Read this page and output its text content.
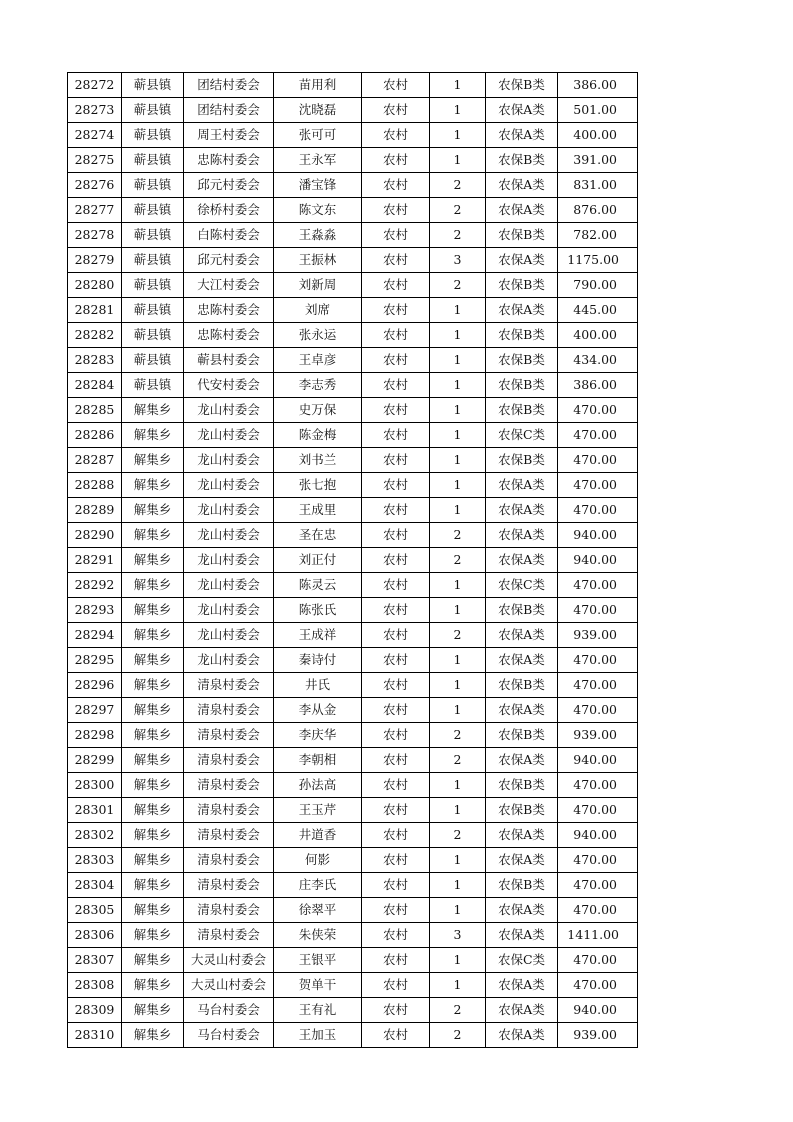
28272	蕲县镇	团结村委会	苗用利	农村	1	农保B类	386.00
28273	蕲县镇	团结村委会	沈晓磊	农村	1	农保A类	501.00
28274	蕲县镇	周王村委会	张可可	农村	1	农保A类	400.00
28275	蕲县镇	忠陈村委会	王永军	农村	1	农保B类	391.00
28276	蕲县镇	邱元村委会	潘宝锋	农村	2	农保A类	831.00
28277	蕲县镇	徐桥村委会	陈文东	农村	2	农保A类	876.00
28278	蕲县镇	白陈村委会	王淼淼	农村	2	农保B类	782.00
28279	蕲县镇	邱元村委会	王振林	农村	3	农保A类	1175.00
28280	蕲县镇	大江村委会	刘新周	农村	2	农保B类	790.00
28281	蕲县镇	忠陈村委会	刘席	农村	1	农保A类	445.00
28282	蕲县镇	忠陈村委会	张永运	农村	1	农保B类	400.00
28283	蕲县镇	蕲县村委会	王卓彦	农村	1	农保B类	434.00
28284	蕲县镇	代安村委会	李志秀	农村	1	农保B类	386.00
28285	解集乡	龙山村委会	史万保	农村	1	农保B类	470.00
28286	解集乡	龙山村委会	陈金梅	农村	1	农保C类	470.00
28287	解集乡	龙山村委会	刘书兰	农村	1	农保B类	470.00
28288	解集乡	龙山村委会	张七抱	农村	1	农保A类	470.00
28289	解集乡	龙山村委会	王成里	农村	1	农保A类	470.00
28290	解集乡	龙山村委会	圣在忠	农村	2	农保A类	940.00
28291	解集乡	龙山村委会	刘正付	农村	2	农保A类	940.00
28292	解集乡	龙山村委会	陈灵云	农村	1	农保C类	470.00
28293	解集乡	龙山村委会	陈张氏	农村	1	农保B类	470.00
28294	解集乡	龙山村委会	王成祥	农村	2	农保A类	939.00
28295	解集乡	龙山村委会	秦诗付	农村	1	农保A类	470.00
28296	解集乡	清泉村委会	井氏	农村	1	农保B类	470.00
28297	解集乡	清泉村委会	李从金	农村	1	农保A类	470.00
28298	解集乡	清泉村委会	李庆华	农村	2	农保B类	939.00
28299	解集乡	清泉村委会	李朝相	农村	2	农保A类	940.00
28300	解集乡	清泉村委会	孙法高	农村	1	农保B类	470.00
28301	解集乡	清泉村委会	王玉芹	农村	1	农保B类	470.00
28302	解集乡	清泉村委会	井道香	农村	2	农保A类	940.00
28303	解集乡	清泉村委会	何影	农村	1	农保A类	470.00
28304	解集乡	清泉村委会	庄李氏	农村	1	农保B类	470.00
28305	解集乡	清泉村委会	徐翠平	农村	1	农保A类	470.00
28306	解集乡	清泉村委会	朱侠荣	农村	3	农保A类	1411.00
28307	解集乡	大灵山村委会	王银平	农村	1	农保C类	470.00
28308	解集乡	大灵山村委会	贺单干	农村	1	农保A类	470.00
28309	解集乡	马台村委会	王有礼	农村	2	农保A类	940.00
28310	解集乡	马台村委会	王加玉	农村	2	农保A类	939.00
